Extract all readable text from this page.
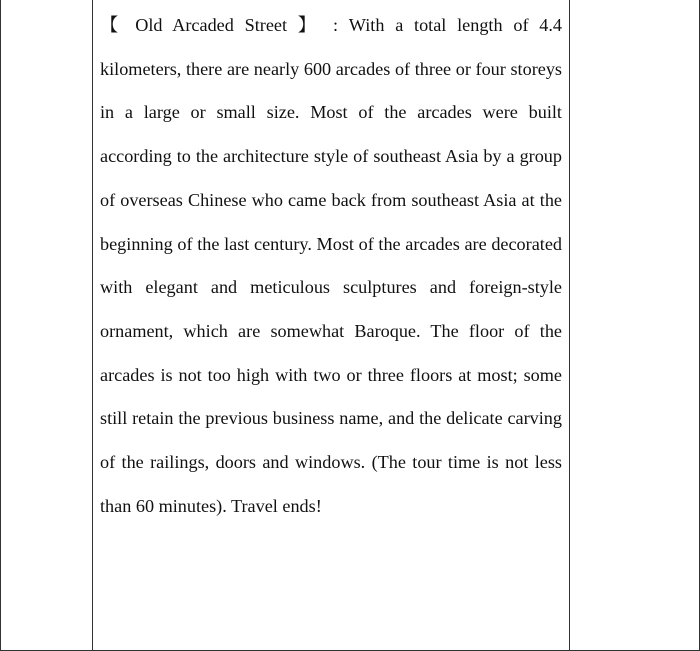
【 Old Arcaded Street 】 : With a total length of 4.4 kilometers, there are nearly 600 arcades of three or four storeys in a large or small size. Most of the arcades were built according to the architecture style of southeast Asia by a group of overseas Chinese who came back from southeast Asia at the beginning of the last century. Most of the arcades are decorated with elegant and meticulous sculptures and foreign-style ornament, which are somewhat Baroque. The floor of the arcades is not too high with two or three floors at most; some still retain the previous business name, and the delicate carving of the railings, doors and windows. (The tour time is not less than 60 minutes). Travel ends!
